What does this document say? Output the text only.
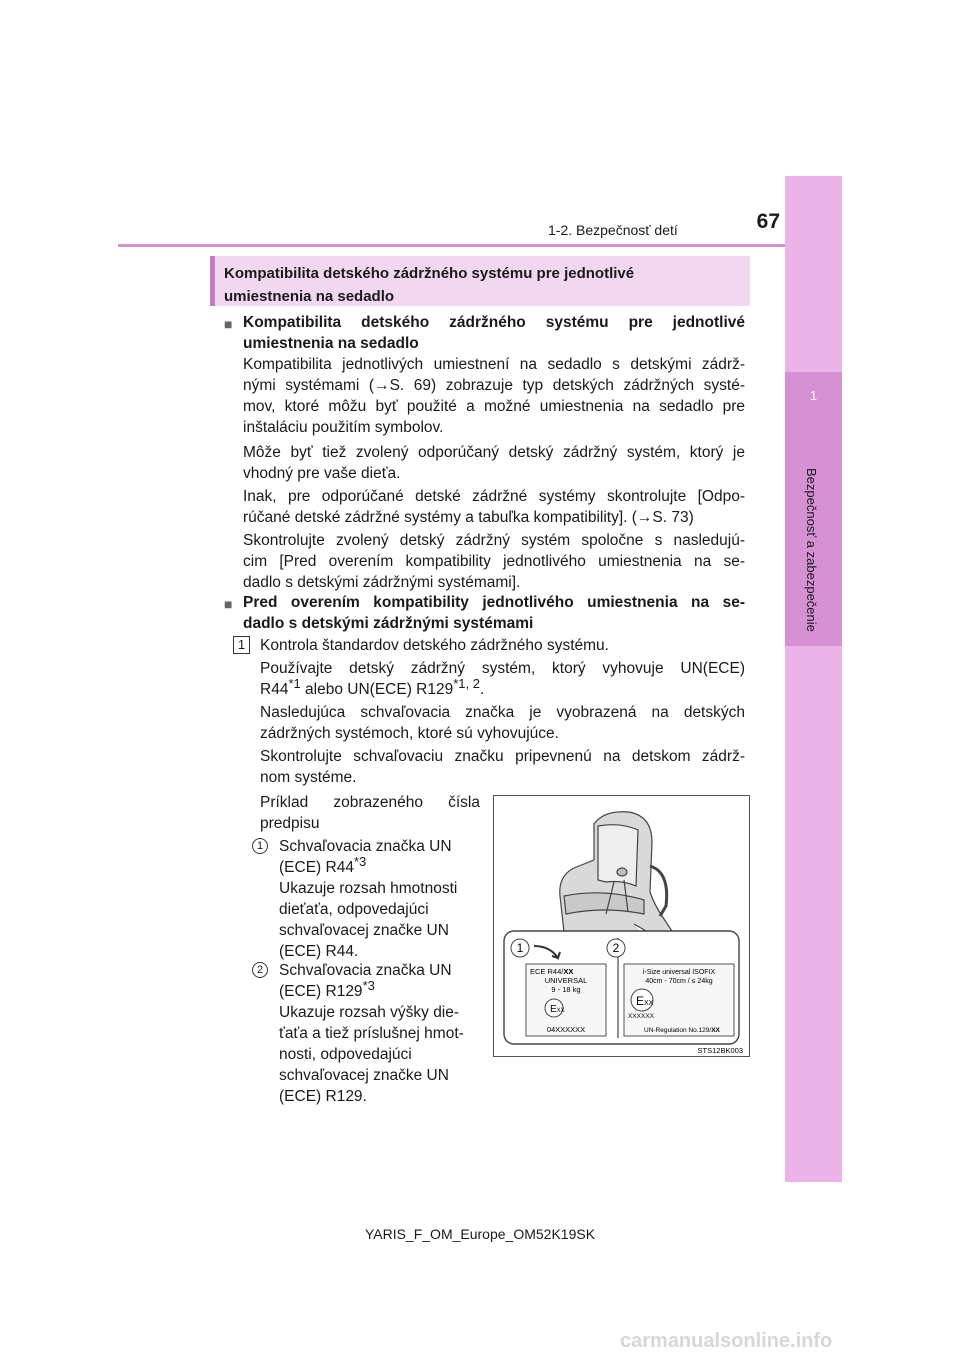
1
Bezpečnosť a zabezpečenie
1-2. Bezpečnosť detí	67
Kompatibilita detského zádržného systému pre jednotlivé
umiestnenia na sedadlo
■ Kompatibilita detského zádržného systému pre jednotlivé
umiestnenia na sedadlo
Kompatibilita jednotlivých umiestnení na sedadlo s detskými zádrž-
nými systémami (→S. 69) zobrazuje typ detských zádržných systé-
mov, ktoré môžu byť použité a možné umiestnenia na sedadlo pre
inštaláciu použitím symbolov.
Môže byť tiež zvolený odporúčaný detský zádržný systém, ktorý je
vhodný pre vaše dieťa.
Inak, pre odporúčané detské zádržné systémy skontrolujte [Odpo-
rúčané detské zádržné systémy a tabuľka kompatibility]. (→S. 73)
Skontrolujte zvolený detský zádržný systém spoločne s nasledujú-
cim [Pred overením kompatibility jednotlivého umiestnenia na se-
dadlo s detskými zádržnými systémami].
■ Pred overením kompatibility jednotlivého umiestnenia na se-
dadlo s detskými zádržnými systémami
1 Kontrola štandardov detského zádržného systému.
Používajte detský zádržný systém, ktorý vyhovuje UN(ECE)
R44$^{*1}$ alebo UN(ECE) R129$^{*1, 2}$.
Nasledujúca schvaľovacia značka je vyobrazená na detských
zádržných systémoch, ktoré sú vyhovujúce.
Skontrolujte schvaľovaciu značku pripevnenú na detskom zádrž-
nom systéme.
Príklad zobrazeného čísla
predpisu
1	Schvaľovacia značka UN
(ECE) R44$^{*3}$
Ukazuje rozsah hmotnosti
dieťaťa, odpovedajúci
schvaľovacej značke UN
(ECE) R44.
2	Schvaľovacia značka UN
(ECE) R129$^{*3}$
Ukazuje rozsah výšky die-
ťaťa a tiež príslušnej hmot-
nosti, odpovedajúci
schvaľovacej značke UN
(ECE) R129.
1	2
ECE R44/XX
UNIVERSAL
9 - 18 kg
EXX
04XXXXXX
i-Size universal ISOFIX
40cm - 70cm / ≤ 24kg
EXX
XXXXXX
UN-Regulation No.129/XX
STS12BK003
YARIS_F_OM_Europe_OM52K19SK
carmanualsonline.info
